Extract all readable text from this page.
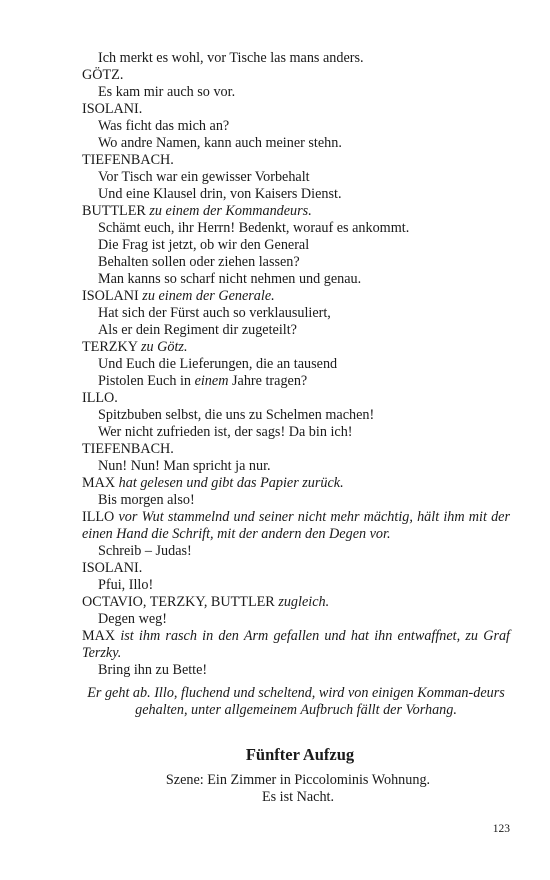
Ich merkt es wohl, vor Tische las mans anders.
GÖTZ.
Es kam mir auch so vor.
ISOLANI.
Was ficht das mich an?
Wo andre Namen, kann auch meiner stehn.
TIEFENBACH.
Vor Tisch war ein gewisser Vorbehalt
Und eine Klausel drin, von Kaisers Dienst.
BUTTLER zu einem der Kommandeurs.
Schämt euch, ihr Herrn! Bedenkt, worauf es ankommt.
Die Frag ist jetzt, ob wir den General
Behalten sollen oder ziehen lassen?
Man kanns so scharf nicht nehmen und genau.
ISOLANI zu einem der Generale.
Hat sich der Fürst auch so verklausuliert,
Als er dein Regiment dir zugeteilt?
TERZKY zu Götz.
Und Euch die Lieferungen, die an tausend
Pistolen Euch in einem Jahre tragen?
ILLO.
Spitzbuben selbst, die uns zu Schelmen machen!
Wer nicht zufrieden ist, der sags! Da bin ich!
TIEFENBACH.
Nun! Nun! Man spricht ja nur.
MAX hat gelesen und gibt das Papier zurück.
Bis morgen also!
ILLO vor Wut stammelnd und seiner nicht mehr mächtig, hält ihm mit der einen Hand die Schrift, mit der andern den Degen vor.
Schreib – Judas!
ISOLANI.
Pfui, Illo!
OCTAVIO, TERZKY, BUTTLER zugleich.
Degen weg!
MAX ist ihm rasch in den Arm gefallen und hat ihn entwaffnet, zu Graf Terzky.
Bring ihn zu Bette!
Er geht ab. Illo, fluchend und scheltend, wird von einigen Komman-deurs gehalten, unter allgemeinem Aufbruch fällt der Vorhang.
Fünfter Aufzug
Szene: Ein Zimmer in Piccolominis Wohnung.
Es ist Nacht.
123
